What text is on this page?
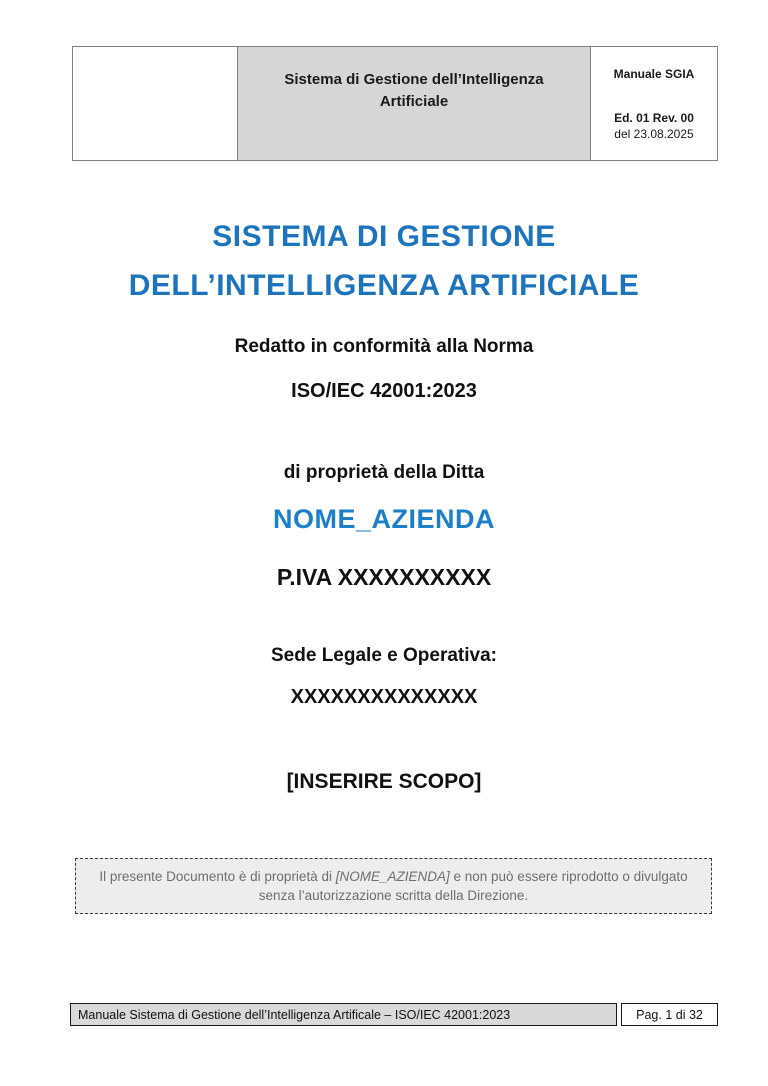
Sistema di Gestione dell’Intelligenza Artificiale
Manuale SGIA
Ed. 01 Rev. 00
del 23.08.2025
SISTEMA DI GESTIONE
DELL’INTELLIGENZA ARTIFICIALE
Redatto in conformità alla Norma
ISO/IEC 42001:2023
di proprietà della Ditta
NOME_AZIENDA
P.IVA XXXXXXXXXX
Sede Legale e Operativa:
XXXXXXXXXXXXXX
[INSERIRE SCOPO]
Il presente Documento è di proprietà di [NOME_AZIENDA] e non può essere riprodotto o divulgato senza l’autorizzazione scritta della Direzione.
Manuale Sistema di Gestione dell’Intelligenza Artificale – ISO/IEC 42001:2023	Pag. 1 di 32
